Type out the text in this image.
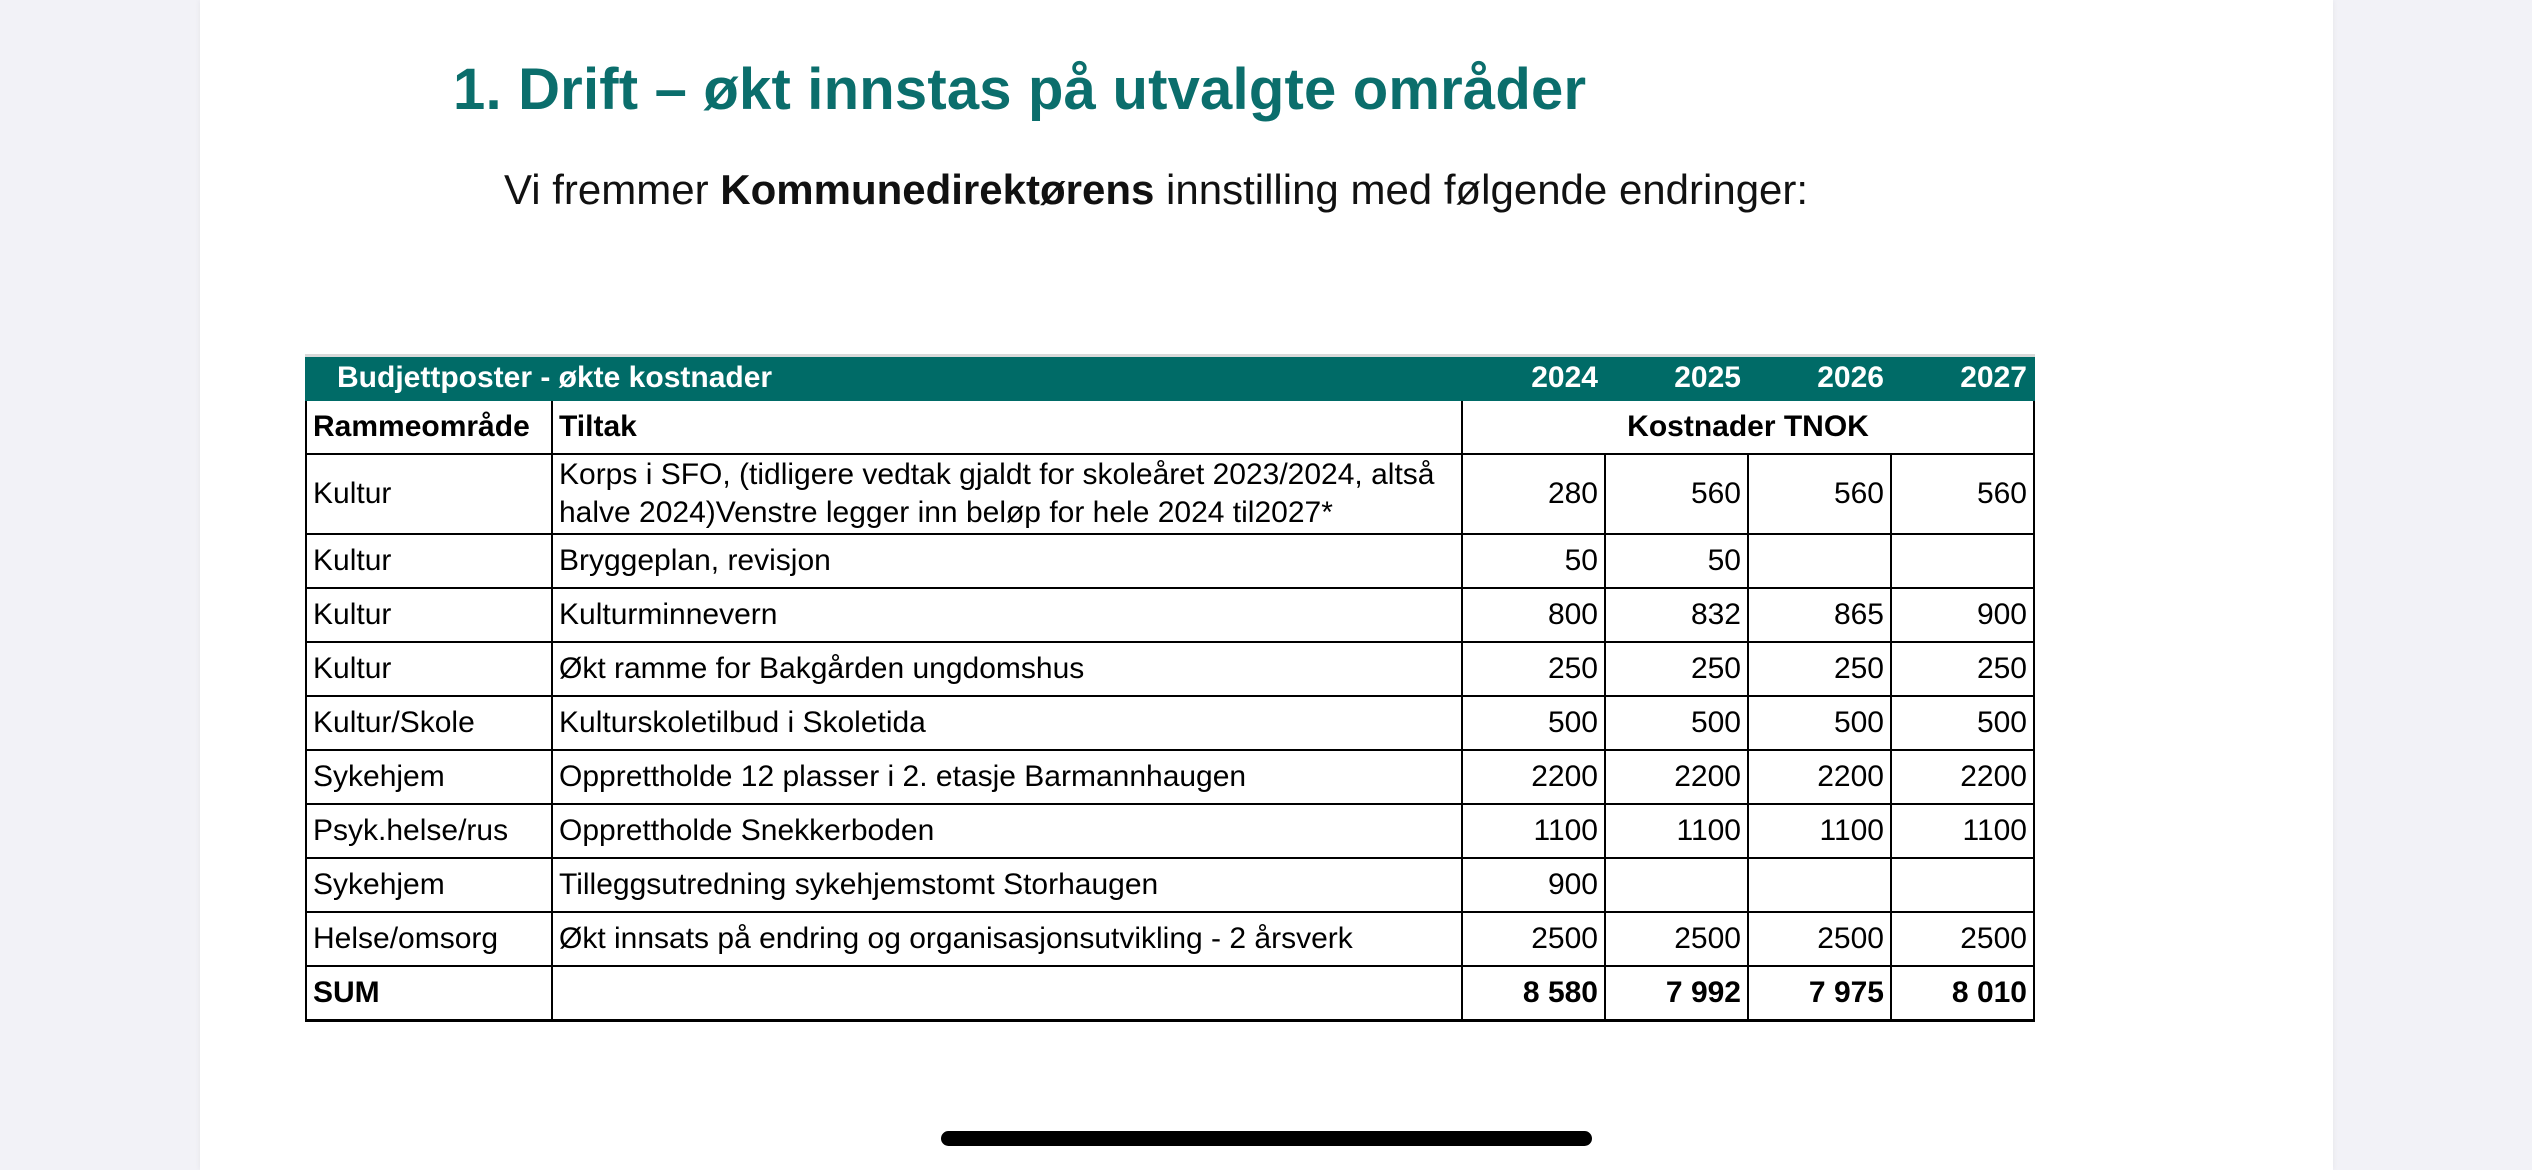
1. Drift – økt innstas på utvalgte områder

Vi fremmer Kommunedirektørens innstilling med følgende endringer:

Budjettposter - økte kostnader		2024	2025	2026	2027
Rammeområde	Tiltak	Kostnader TNOK			
Kultur	Korps i SFO, (tidligere vedtak gjaldt for skoleåret 2023/2024, altså halve 2024)Venstre legger inn beløp for hele 2024 til2027*	280	560	560	560
Kultur	Bryggeplan, revisjon	50	50		
Kultur	Kulturminnevern	800	832	865	900
Kultur	Økt ramme for Bakgården ungdomshus	250	250	250	250
Kultur/Skole	Kulturskoletilbud i Skoletida	500	500	500	500
Sykehjem	Opprettholde 12 plasser i 2. etasje Barmannhaugen	2200	2200	2200	2200
Psyk.helse/rus	Opprettholde Snekkerboden	1100	1100	1100	1100
Sykehjem	Tilleggsutredning sykehjemstomt Storhaugen	900			
Helse/omsorg	Økt innsats på endring og organisasjonsutvikling - 2 årsverk	2500	2500	2500	2500
SUM		8 580	7 992	7 975	8 010
